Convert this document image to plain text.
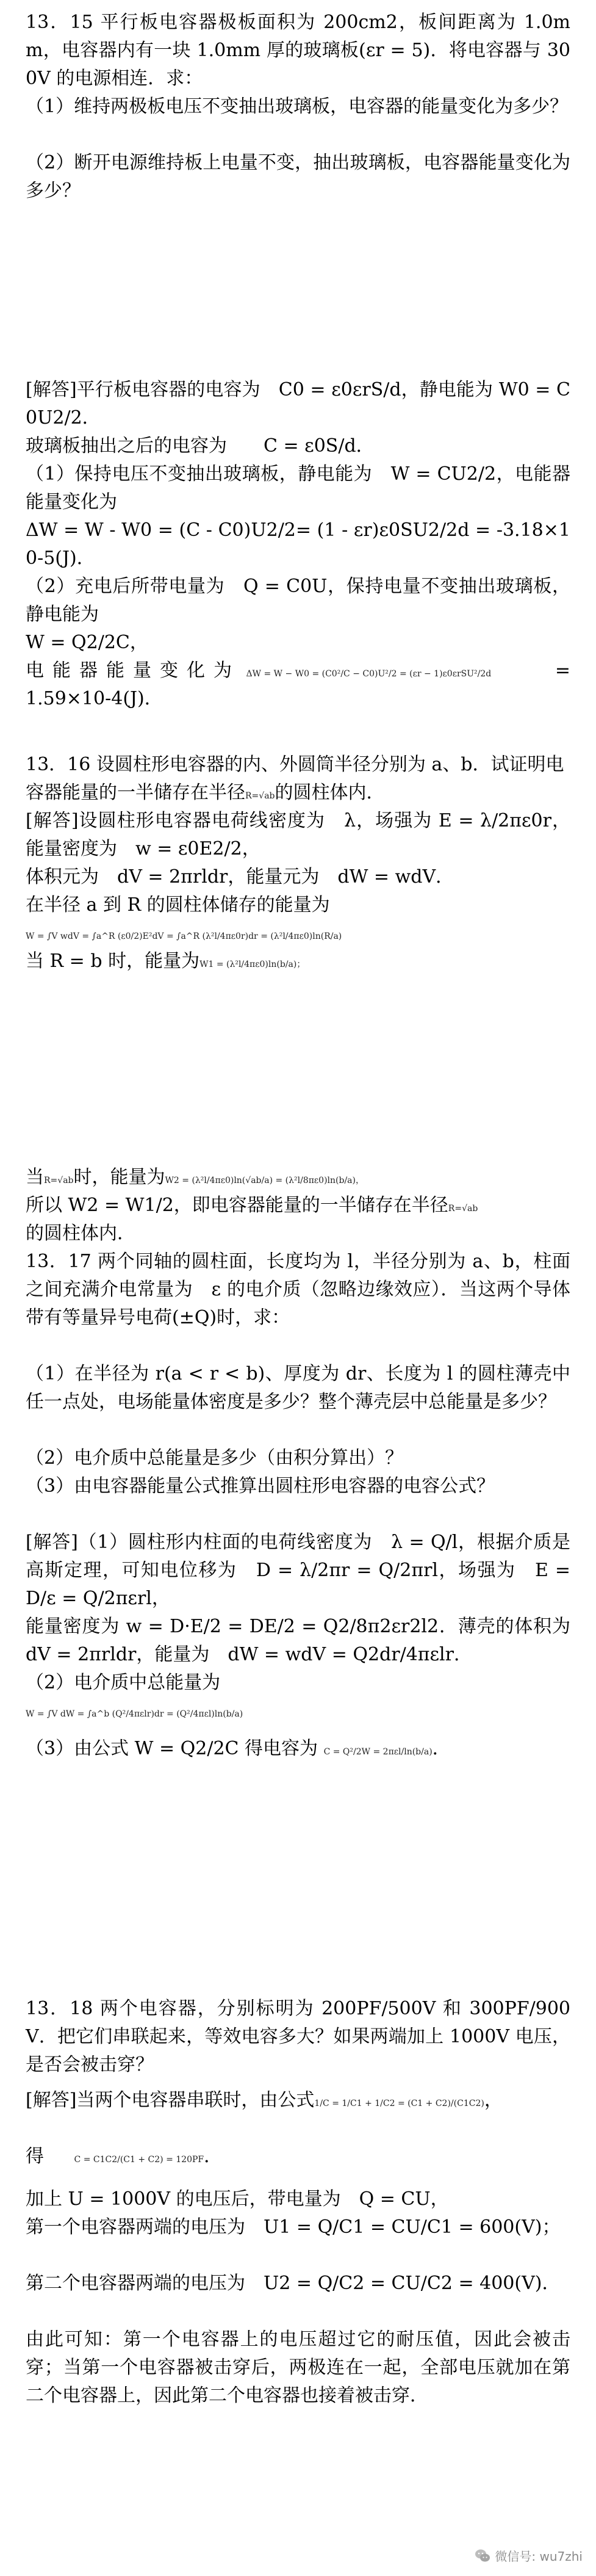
13．15 平行板电容器极板面积为 200cm2，板间距离为 1.0mm，电容器内有一块 1.0mm 厚的玻璃板(εr = 5)．将电容器与 300V 的电源相连．求：

（1）维持两极板电压不变抽出玻璃板，电容器的能量变化为多少？

（2）断开电源维持板上电量不变，抽出玻璃板，电容器能量变化为多少？

[解答]平行板电容器的电容为　C0 = ε0εrS/d，静电能为 W0 = C0U2/2．

玻璃板抽出之后的电容为　　C = ε0S/d．

（1）保持电压不变抽出玻璃板，静电能为　W = CU2/2，电能器能量变化为

ΔW = W - W0 = (C - C0)U2/2= (1 - εr)ε0SU2/2d = -3.18×10-5(J)．

（2）充电后所带电量为　Q = C0U，保持电量不变抽出玻璃板，静电能为

W = Q2/2C，

电能器能量变化为 ΔW = W − W0 = (C0²/C − C0)U²/2 = (εr − 1)ε0εrSU²/2d	=

1.59×10-4(J)．

13．16 设圆柱形电容器的内、外圆筒半径分别为 a、b．试证明电容器能量的一半储存在半径R=√ab的圆柱体内．

[解答]设圆柱形电容器电荷线密度为　λ，场强为 E = λ/2πε0r，能量密度为　w = ε0E2/2，

体积元为　dV = 2πrldr，能量元为　dW = wdV．

在半径 a 到 R 的圆柱体储存的能量为

W = ∫V wdV = ∫a^R (ε0/2)E²dV = ∫a^R (λ²l/4πε0r)dr = (λ²l/4πε0)ln(R/a)

当 R = b 时，能量为W1 = (λ²l/4πε0)ln(b/a)；

当R=√ab时，能量为W2 = (λ²l/4πε0)ln(√ab/a) = (λ²l/8πε0)ln(b/a)，

所以 W2 = W1/2，即电容器能量的一半储存在半径R=√ab

的圆柱体内．

13．17 两个同轴的圆柱面，长度均为 l，半径分别为 a、b，柱面之间充满介电常量为　ε 的电介质（忽略边缘效应）．当这两个导体带有等量异号电荷(±Q)时，求：

（1）在半径为 r(a < r < b)、厚度为 dr、长度为 l 的圆柱薄壳中任一点处，电场能量体密度是多少？整个薄壳层中总能量是多少？

（2）电介质中总能量是多少（由积分算出）？

（3）由电容器能量公式推算出圆柱形电容器的电容公式？

[解答]（1）圆柱形内柱面的电荷线密度为　λ = Q/l，根据介质是高斯定理，可知电位移为　D = λ/2πr = Q/2πrl，场强为　E = D/ε = Q/2πεrl，

能量密度为 w = D·E/2 = DE/2 = Q2/8π2εr2l2．薄壳的体积为 dV = 2πrldr，能量为　dW = wdV = Q2dr/4πεlr．

（2）电介质中总能量为

W = ∫V dW = ∫a^b (Q²/4πεlr)dr = (Q²/4πεl)ln(b/a)

（3）由公式 W = Q2/2C 得电容为 C = Q²/2W = 2πεl/ln(b/a)．

13．18 两个电容器，分别标明为 200PF/500V 和 300PF/900V．把它们串联起来，等效电容多大？如果两端加上 1000V 电压，是否会被击穿？

[解答]当两个电容器串联时，由公式1/C = 1/C1 + 1/C2 = (C1 + C2)/(C1C2)，

得	C = C1C2/(C1 + C2) = 120PF．

加上 U = 1000V 的电压后，带电量为　Q = CU，

第一个电容器两端的电压为　U1 = Q/C1 = CU/C1 = 600(V)；

第二个电容器两端的电压为　U2 = Q/C2 = CU/C2 = 400(V)．

由此可知：第一个电容器上的电压超过它的耐压值，因此会被击穿；当第一个电容器被击穿后，两极连在一起，全部电压就加在第二个电容器上，因此第二个电容器也接着被击穿．

微信号: wu7zhi
